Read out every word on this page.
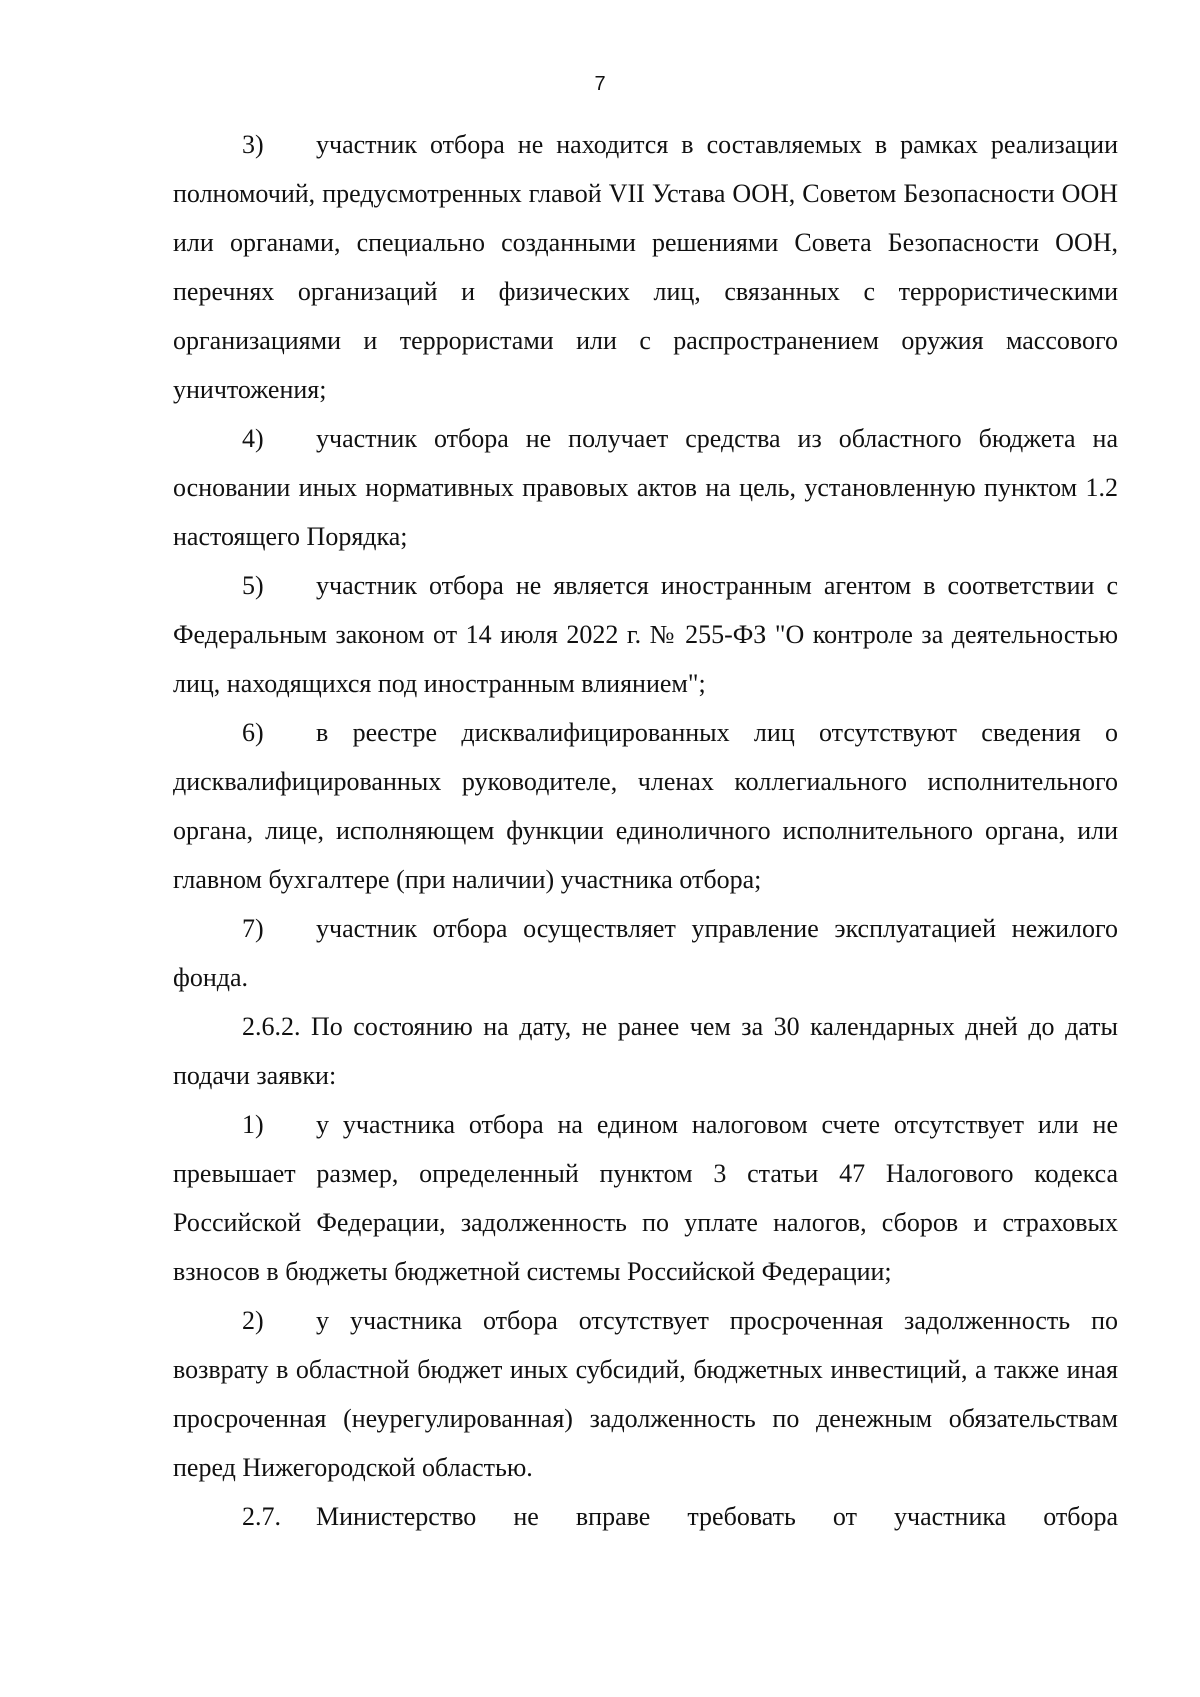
7

3) участник отбора не находится в составляемых в рамках реализации полномочий, предусмотренных главой VII Устава ООН, Советом Безопасности ООН или органами, специально созданными решениями Совета Безопасности ООН, перечнях организаций и физических лиц, связанных с террористическими организациями и террористами или с распространением оружия массового уничтожения;

4) участник отбора не получает средства из областного бюджета на основании иных нормативных правовых актов на цель, установленную пунктом 1.2 настоящего Порядка;

5) участник отбора не является иностранным агентом в соответствии с Федеральным законом от 14 июля 2022 г. № 255-ФЗ "О контроле за деятельностью лиц, находящихся под иностранным влиянием";

6) в реестре дисквалифицированных лиц отсутствуют сведения о дисквалифицированных руководителе, членах коллегиального исполнительного органа, лице, исполняющем функции единоличного исполнительного органа, или главном бухгалтере (при наличии) участника отбора;

7) участник отбора осуществляет управление эксплуатацией нежилого фонда.

2.6.2. По состоянию на дату, не ранее чем за 30 календарных дней до даты подачи заявки:

1) у участника отбора на едином налоговом счете отсутствует или не превышает размер, определенный пунктом 3 статьи 47 Налогового кодекса Российской Федерации, задолженность по уплате налогов, сборов и страховых взносов в бюджеты бюджетной системы Российской Федерации;

2) у участника отбора отсутствует просроченная задолженность по возврату в областной бюджет иных субсидий, бюджетных инвестиций, а также иная просроченная (неурегулированная) задолженность по денежным обязательствам перед Нижегородской областью.

2.7. Министерство не вправе требовать от участника отбора
